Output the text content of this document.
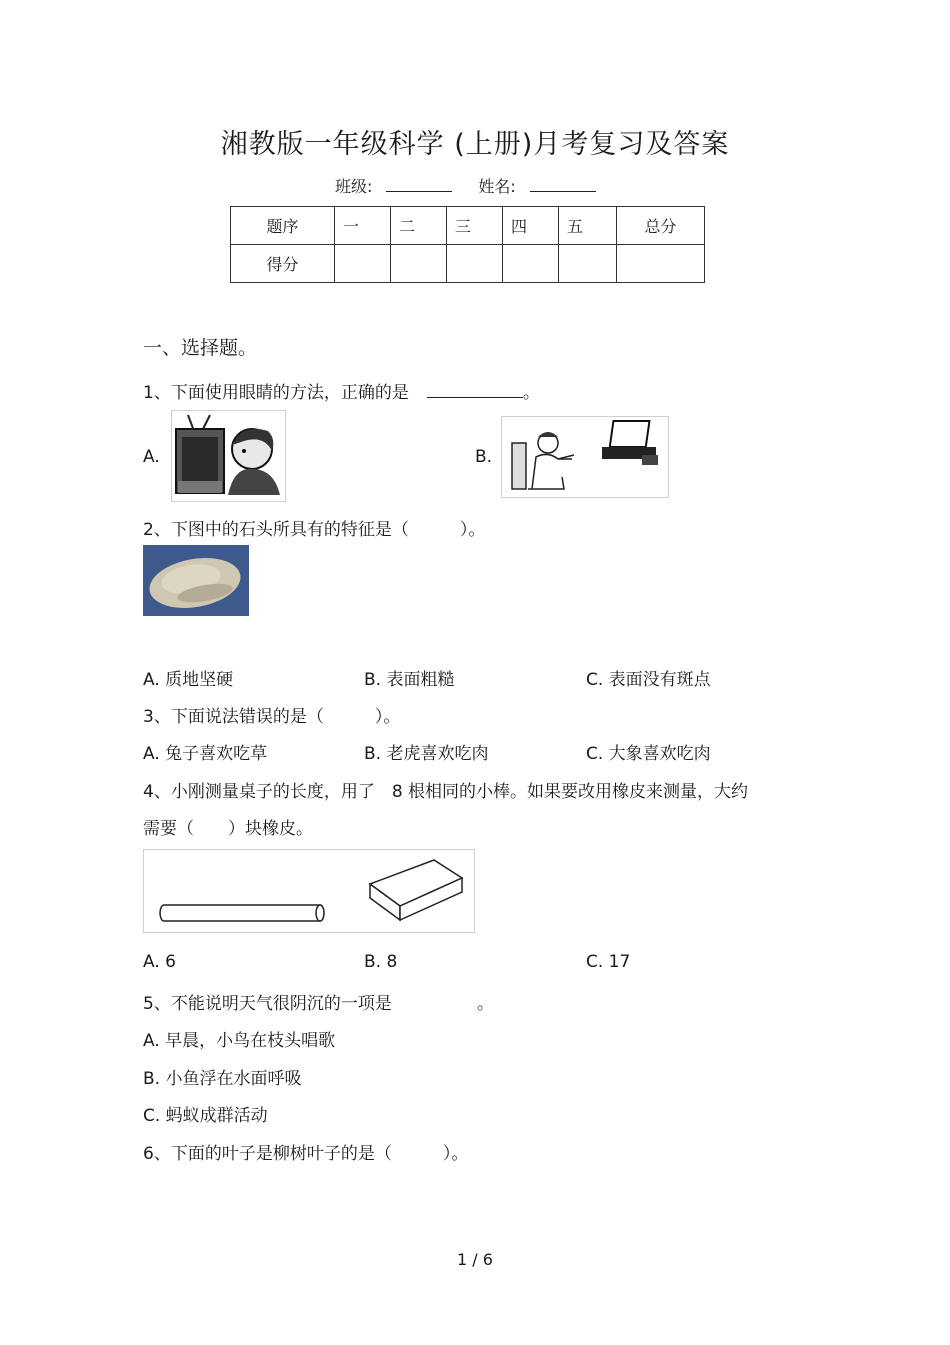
湘教版一年级科学 (上册)月考复习及答案
班级:	姓名:
题序	一	二	三	四	五	总分
得分						
一、选择题。
1、下面使用眼睛的方法，正确的是	。
A.	B.
2、下图中的石头所具有的特征是（　　　）。
A. 质地坚硬	B. 表面粗糙	C. 表面没有斑点
3、下面说法错误的是（　　　）。
A. 兔子喜欢吃草	B. 老虎喜欢吃肉	C. 大象喜欢吃肉
4、小刚测量桌子的长度，用了　8 根相同的小棒。如果要改用橡皮来测量，大约
需要（　　）块橡皮。
A. 6	B. 8	C. 17
5、不能说明天气很阴沉的一项是　　　　　。
A. 早晨，小鸟在枝头唱歌
B. 小鱼浮在水面呼吸
C. 蚂蚁成群活动
6、下面的叶子是柳树叶子的是（　　　）。
1 / 6
